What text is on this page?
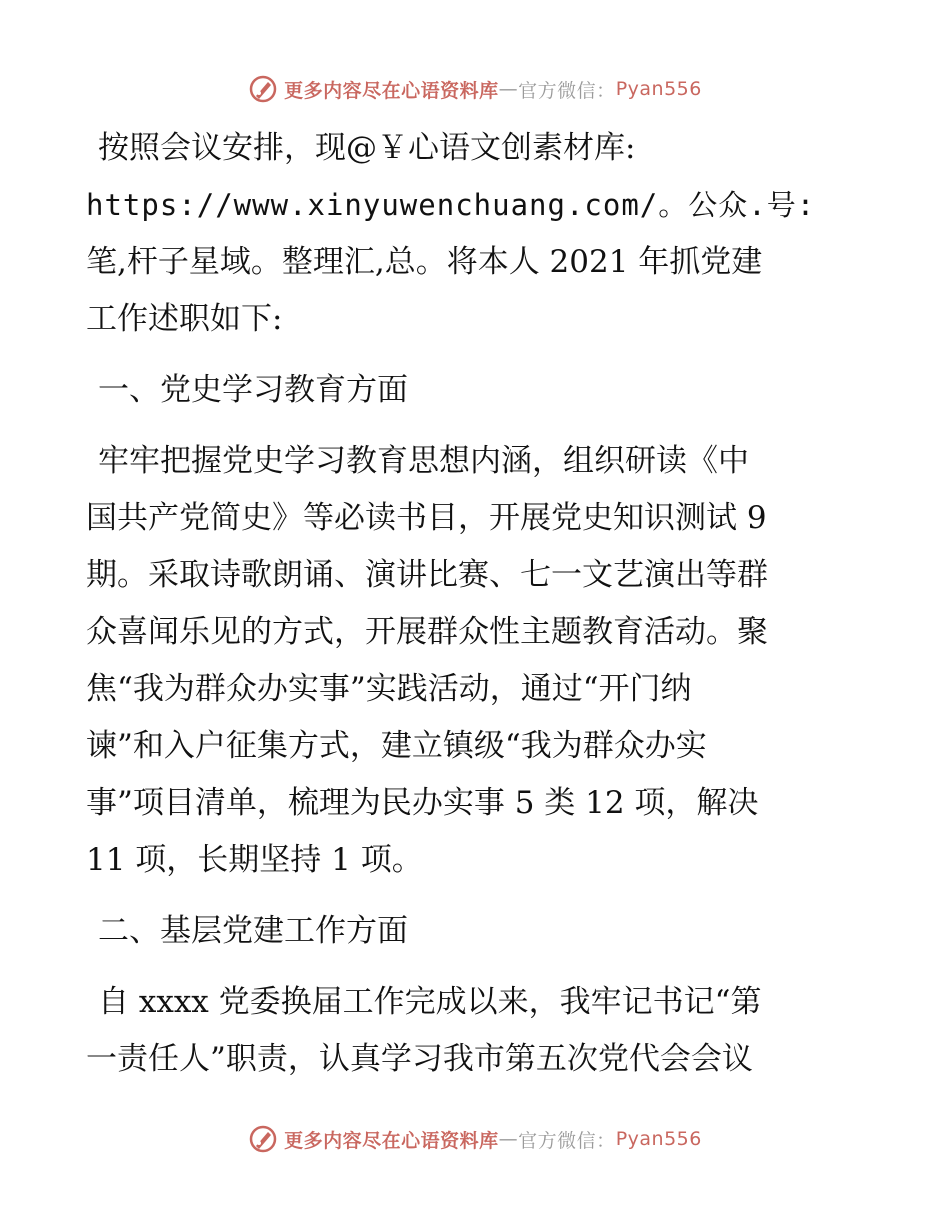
更多内容尽在心语资料库 — 官方微信： Pyan556

按照会议安排，现@￥心语文创素材库:
https://www.xinyuwenchuang.com/。公众.号:
笔,杆子星域。整理汇,总。将本人 2021 年抓党建
工作述职如下:

一、党史学习教育方面

牢牢把握党史学习教育思想内涵，组织研读《中
国共产党简史》等必读书目，开展党史知识测试 9
期。采取诗歌朗诵、演讲比赛、七一文艺演出等群
众喜闻乐见的方式，开展群众性主题教育活动。聚
焦“我为群众办实事”实践活动，通过“开门纳
谏”和入户征集方式，建立镇级“我为群众办实
事”项目清单，梳理为民办实事 5 类 12 项，解决
11 项，长期坚持 1 项。

二、基层党建工作方面

自 xxxx 党委换届工作完成以来，我牢记书记“第
一责任人”职责，认真学习我市第五次党代会会议

更多内容尽在心语资料库 — 官方微信： Pyan556
